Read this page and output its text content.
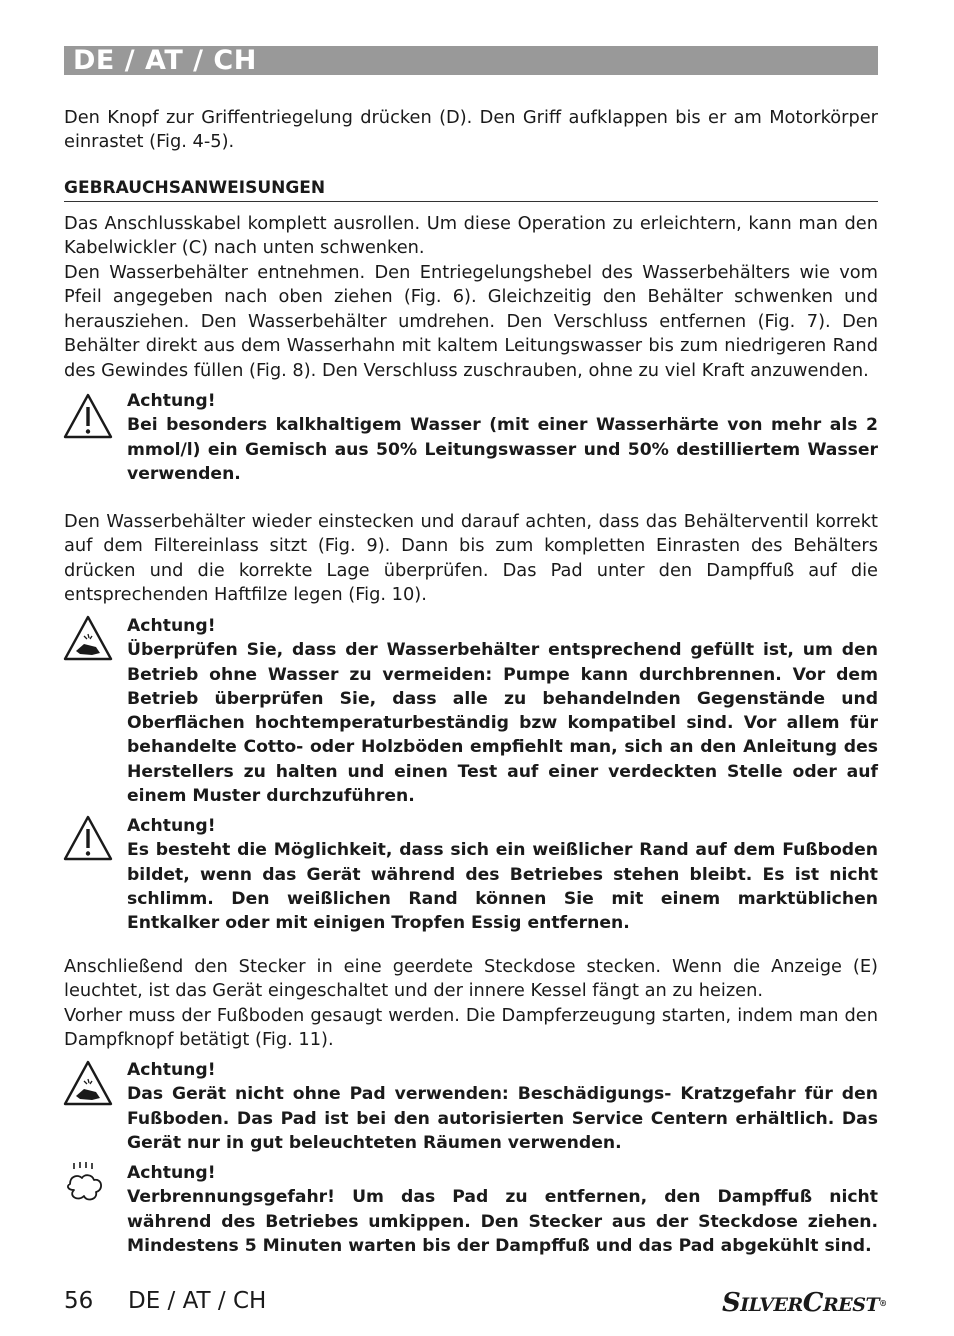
DE / AT / CH

Den Knopf zur Griffentriegelung drücken (D). Den Griff aufklappen bis er am Motorkörper einrastet (Fig. 4-5).

GEBRAUCHSANWEISUNGEN

Das Anschlusskabel komplett ausrollen. Um diese Operation zu erleichtern, kann man den Kabelwickler (C) nach unten schwenken.

Den Wasserbehälter entnehmen. Den Entriegelungshebel des Wasserbehälters wie vom Pfeil angegeben nach oben ziehen (Fig. 6). Gleichzeitig den Behälter schwenken und herausziehen. Den Wasserbehälter umdrehen. Den Verschluss entfernen (Fig. 7). Den Behälter direkt aus dem Wasserhahn mit kaltem Leitungswasser bis zum niedrigeren Rand des Gewindes füllen (Fig. 8). Den Verschluss zuschrauben, ohne zu viel Kraft anzuwenden.

Achtung!
Bei besonders kalkhaltigem Wasser (mit einer Wasserhärte von mehr als 2 mmol/l) ein Gemisch aus 50% Leitungswasser und 50% destilliertem Wasser verwenden.

Den Wasserbehälter wieder einstecken und darauf achten, dass das Behälterventil korrekt auf dem Filtereinlass sitzt (Fig. 9). Dann bis zum kompletten Einrasten des Behälters drücken und die korrekte Lage überprüfen. Das Pad unter den Dampffuß auf die entsprechenden Haftfilze legen (Fig. 10).

Achtung!
Überprüfen Sie, dass der Wasserbehälter entsprechend gefüllt ist, um den Betrieb ohne Wasser zu vermeiden: Pumpe kann durchbrennen. Vor dem Betrieb überprüfen Sie, dass alle zu behandelnden Gegenstände und Oberflächen hochtemperaturbeständig bzw kompatibel sind. Vor allem für behandelte Cotto- oder Holzböden empfiehlt man, sich an den Anleitung des Herstellers zu halten und einen Test auf einer verdeckten Stelle oder auf einem Muster durchzuführen.
Achtung!
Es besteht die Möglichkeit, dass sich ein weißlicher Rand auf dem Fußboden bildet, wenn das Gerät während des Betriebes stehen bleibt. Es ist nicht schlimm. Den weißlichen Rand können Sie mit einem marktüblichen Entkalker oder mit einigen Tropfen Essig entfernen.

Anschließend den Stecker in eine geerdete Steckdose stecken. Wenn die Anzeige (E) leuchtet, ist das Gerät eingeschaltet und der innere Kessel fängt an zu heizen.

Vorher muss der Fußboden gesaugt werden. Die Dampferzeugung starten, indem man den Dampfknopf betätigt (Fig. 11).

Achtung!
Das Gerät nicht ohne Pad verwenden: Beschädigungs- Kratzgefahr für den Fußboden. Das Pad ist bei den autorisierten Service Centern erhältlich. Das Gerät nur in gut beleuchteten Räumen verwenden.
Achtung!
Verbrennungsgefahr! Um das Pad zu entfernen, den Dampffuß nicht während des Betriebes umkippen. Den Stecker aus der Steckdose ziehen. Mindestens 5 Minuten warten bis der Dampffuß und das Pad abgekühlt sind.
56 DE / AT / CH	SILVERCREST®
